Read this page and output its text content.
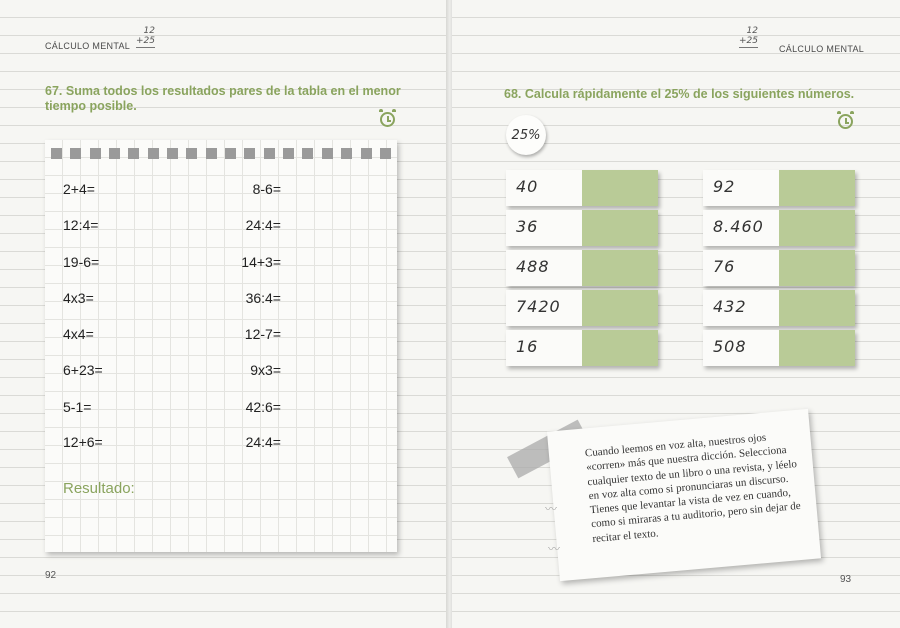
CÁLCULO MENTAL
12
+25
67. Suma todos los resultados pares de la tabla en el menor tiempo posible.
2+4=
12:4=
19-6=
4x3=
4x4=
6+23=
5-1=
12+6=
8-6=
24:4=
14+3=
36:4=
12-7=
9x3=
42:6=
24:4=
Resultado:
92
12
+25
CÁLCULO MENTAL
68. Calcula rápidamente el 25% de los siguientes números.
93
25%
40
36
488
7420
16
92
8.460
76
432
508
Cuando leemos en voz alta, nuestros ojos «corren» más que nuestra dicción. Selecciona cualquier texto de un libro o una revista, y léelo en voz alta como si pronunciaras un discurso. Tienes que levantar la vista de vez en cuando, como si miraras a tu auditorio, pero sin dejar de recitar el texto.
〰
〰
